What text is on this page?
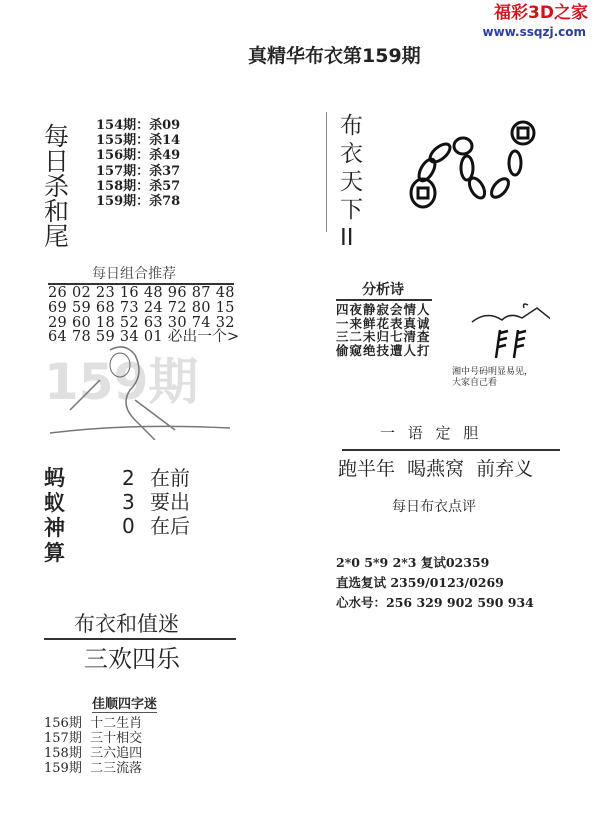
福彩3D之家
www.ssqzj.com
真精华布衣第159期
每日杀和尾
154期：杀09
155期：杀14
156期：杀49
157期：杀37
158期：杀57
159期：杀78
每日组合推荐
26 02 23 16 48 96 87 48
69 59 68 73 24 72 80 15
29 60 18 52 63 30 74 32
64 78 59 34 01 必出一个>
159期
蚂蚁神算
2 在前
3 要出
0 在后
布衣和值迷
三欢四乐
佳顺四字迷
156期  十二生肖
157期  三十相交
158期  三六追四
159期  二三流落
布衣天下II
分析诗
四夜静寂会情人
一来鲜花表真诚
三二未归七清查
偷窥绝技遭人打
湘中号码明显易见，
大家自己看
一 语 定 胆
跑半年  喝燕窝  前弃义
每日布衣点评
2*0 5*9 2*3 复试02359
直选复试 2359/0123/0269
心水号：256 329 902 590 934
